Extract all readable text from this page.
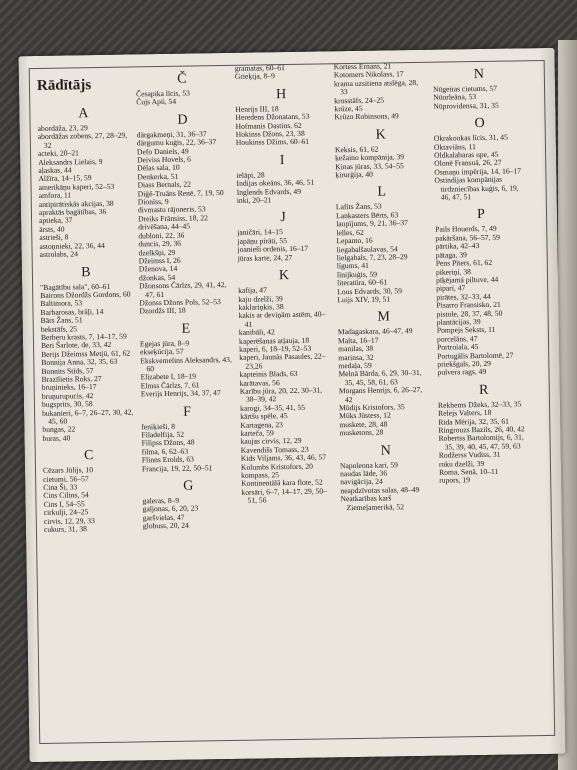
Rādītājs
A
abordāža, 23, 29
abordāžas zobens, 27, 28–29, 32
acteki, 20–21
Aleksandrs Lielais, 9
aļaskas, 44
Alžīra, 14–15, 59
amerikāņu kaperi, 52–53
amfora, 11
antipirātiskās akcijas, 38
apraktās bagātības, 36
aptieka, 37
ārsts, 40
astrieši, 8
astoņnieki, 22, 36, 44
astrolabs, 24
B
"Bagātību sala", 60–61
Bairons Džordžs Gordons, 60
Baltimora, 53
Barbarosas, brāļi, 14
Bārs Žans, 51
bekstāfs, 25
Berberu krasts, 7, 14–17, 59
Beri Šarlote, de, 33, 42
Berijs Džeimss Metjū, 61, 62
Bonnija Anna, 32, 35, 63
Bonnits Stīds, 57
Brazīlietis Roks, 27
bruņinieks, 16–17
bruņurupucis, 42
bugsprits, 30, 58
bukanieri, 6–7, 26–27, 30, 42, 45, 60
bungas, 22
buras, 40
C
Cēzars Jūlijs, 10
cietumi, 56–57
Cina Ši, 33
Cins Cilins, 54
Cins I, 54–55
cirkulji, 24–25
cirvis, 12, 29, 33
cukurs, 31, 38
Č
Česapika līcis, 53
Čujs Apū, 54
D
dārgakmeņi, 31, 36–37
dārgumu kuģis, 22, 36–37
Defo Daniels, 49
Deiviss Hovels, 6
Dēlas sala, 10
Denkerka, 51
Diass Bernals, 22
Diģē-Truāns Renē, 7, 19, 50
Dionīss, 9
divmastu rājoneris, 53
Dreiks Frānsiss, 18, 22
drivēšana, 44–45
dubloni, 22, 36
duncis, 29, 36
dzelkšņi, 29
Džeimss I, 26
Dženova, 14
džonkas, 54
Džonsons Čārlzs, 29, 41, 42, 47, 61
Džonss Džons Pols, 52–53
Dzordžs III, 18
E
Egejas jūra, 8–9
ekseķūcija, 57
Ekskvemelins Aleksandrs, 43, 60
Elizabete I, 18–19
Elmss Čārlzs, 7, 61
Everijs Henrijs, 34, 37, 47
F
feniķieši, 8
Filadelfija, 52
Filipss Džons, 48
filma, 6, 62–63
Flinns Erolds, 63
Francija, 19, 22, 50–51
G
galeras, 8–9
galjonas, 6, 20, 23
garšvielas, 47
globuss, 20, 24
gramatas, 60–61
Grieķija, 8–9
H
Henrijs III, 18
Heredens Džonatans, 53
Hofmanis Dastins, 62
Hokinss Džons, 23, 38
Houkinss Džims, 60–61
I
ielāpi, 28
Indijas okeāns, 36, 46, 51
Inglends Edvards, 49
inki, 20–21
J
janičāri, 14–15
japāņu pirāti, 55
joanieši ordenis, 16–17
jūras karte, 24, 27
K
kafija, 47
kaju dzelži, 39
kaklariņkis, 38
kakis ar deviņām astēm, 40–41
kanibāli, 42
kaperēšanas atļauja, 18
kaperi, 6, 18–19, 52–53
kaperi, Jaunās Pasaules, 22–23,26
kapteinis Blads, 63
karātavas, 56
Karību jūra, 20, 22, 30–31, 38–39, 42
karogi, 34–35, 41, 55
kārtšu spēle, 45
Kartagena, 23
karteča, 59
kaujas cirvis, 12, 29
Kavendišs Tomass, 23
Kids Viljams, 36, 43, 46, 57
Kolumbs Kristofors, 20
kompass, 25
Kontinentālā kara flote, 52
korsāri, 6–7, 14–17, 29, 50–51, 56
Kortess Ernans, 21
Kotomers Nikolass, 17
krama uzsitiena atslēga, 28, 33
krosstāfs, 24–25
krūze, 45
Krūzo Robinsons, 49
K
Keksis, 61, 62
ķežaino kompānija, 39
Ķinas jūras, 33, 54–55
ķirurģija, 40
L
Lafits Žans, 53
Lankasters Bērts, 63
laupījums, 9, 21, 36–37
lelles, 62
Lepanto, 16
liegabalšaulavas, 54
lielgabals, 7, 23, 28–29
līgums, 41
līnijkuģis, 59
literatūra, 60–61
Lous Edvards, 30, 59
Luijs XIV, 19, 51
M
Madagaskara, 46–47, 49
Malta, 16–17
manilas, 38
marinsa, 32
medaļa, 59
Melnā Bārda, 6, 29, 30–31, 35, 45, 58, 61, 63
Morgans Henrijs, 6, 26–27, 42
Mūdijs Kristofors, 35
Mūks Jūstess, 12
muskete, 28, 48
musketons, 28
N
Napoleona kari, 59
naudas lāde, 36
navigācija, 24
neapdzīvotas salas, 48–49
Neatkarības karš Ziemeļamerikā, 52
N
Nūgeitas cietums, 57
Nūorleāna, 53
Nūprovidensa, 31, 35
O
Okrakoukas līcis, 31, 45
Oktaviāns, 11
Oldkalabaras upe, 45
Olonē Fransuā, 26, 27
Osmaņu impērija, 14, 16–17
Ostindijas kompānijas tirdzniecības kuģis, 6, 19, 46, 47, 51
P
Pails Houerds, 7, 49
pakāršana, 56–57, 59
pārtika, 42–43
pātaga, 39
Pens Pīters, 61, 62
pikeriņi, 38
pīķējamā piltuve, 44
pipari, 47
pirātes, 32–33, 44
Pisarro Fransisko, 21
pistole, 28, 37, 48, 50
plantācijas, 39
Pompejs Seksts, 11
porcelāns, 47
Portroiala, 45
Portugālis Bartolomē, 27
priekšgals, 20, 29
pulvera rags, 49
R
Rekhems Džeks, 32–33, 35
Relejs Valters, 18
Rida Mērija, 32, 35, 61
Ringrouzs Bazils, 26, 40, 42
Robertss Bartolomijs, 6, 31, 35, 39, 40, 45, 47, 59, 63
Rodžerss Vudiss, 31
roku dzelži, 39
Roma, Senā, 10–11
rupors, 19
